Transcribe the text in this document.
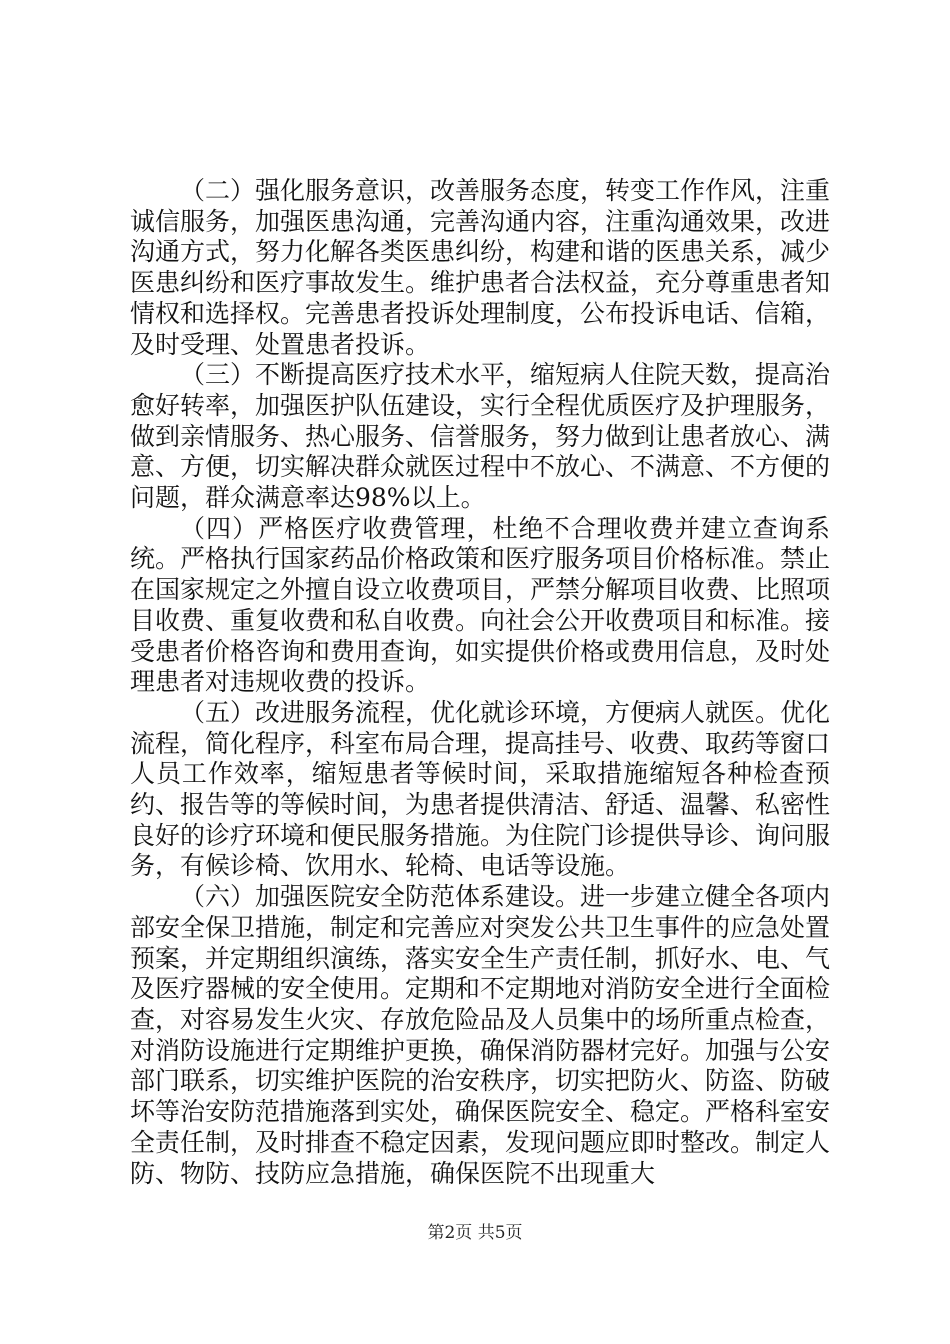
（二）强化服务意识，改善服务态度，转变工作作风，注重诚信服务，加强医患沟通，完善沟通内容，注重沟通效果，改进沟通方式，努力化解各类医患纠纷，构建和谐的医患关系，减少医患纠纷和医疗事故发生。维护患者合法权益，充分尊重患者知情权和选择权。完善患者投诉处理制度，公布投诉电话、信箱，及时受理、处置患者投诉。

（三）不断提高医疗技术水平，缩短病人住院天数，提高治愈好转率，加强医护队伍建设，实行全程优质医疗及护理服务，做到亲情服务、热心服务、信誉服务，努力做到让患者放心、满意、方便，切实解决群众就医过程中不放心、不满意、不方便的问题，群众满意率达98%以上。

（四）严格医疗收费管理，杜绝不合理收费并建立查询系统。严格执行国家药品价格政策和医疗服务项目价格标准。禁止在国家规定之外擅自设立收费项目，严禁分解项目收费、比照项目收费、重复收费和私自收费。向社会公开收费项目和标准。接受患者价格咨询和费用查询，如实提供价格或费用信息，及时处理患者对违规收费的投诉。

（五）改进服务流程，优化就诊环境，方便病人就医。优化流程，简化程序，科室布局合理，提高挂号、收费、取药等窗口人员工作效率，缩短患者等候时间，采取措施缩短各种检查预约、报告等的等候时间，为患者提供清洁、舒适、温馨、私密性良好的诊疗环境和便民服务措施。为住院门诊提供导诊、询问服务，有候诊椅、饮用水、轮椅、电话等设施。

（六）加强医院安全防范体系建设。进一步建立健全各项内部安全保卫措施，制定和完善应对突发公共卫生事件的应急处置预案，并定期组织演练，落实安全生产责任制，抓好水、电、气及医疗器械的安全使用。定期和不定期地对消防安全进行全面检查，对容易发生火灾、存放危险品及人员集中的场所重点检查，对消防设施进行定期维护更换，确保消防器材完好。加强与公安部门联系，切实维护医院的治安秩序，切实把防火、防盗、防破坏等治安防范措施落到实处，确保医院安全、稳定。严格科室安全责任制，及时排查不稳定因素，发现问题应即时整改。制定人防、物防、技防应急措施，确保医院不出现重大

第2页 共5页
